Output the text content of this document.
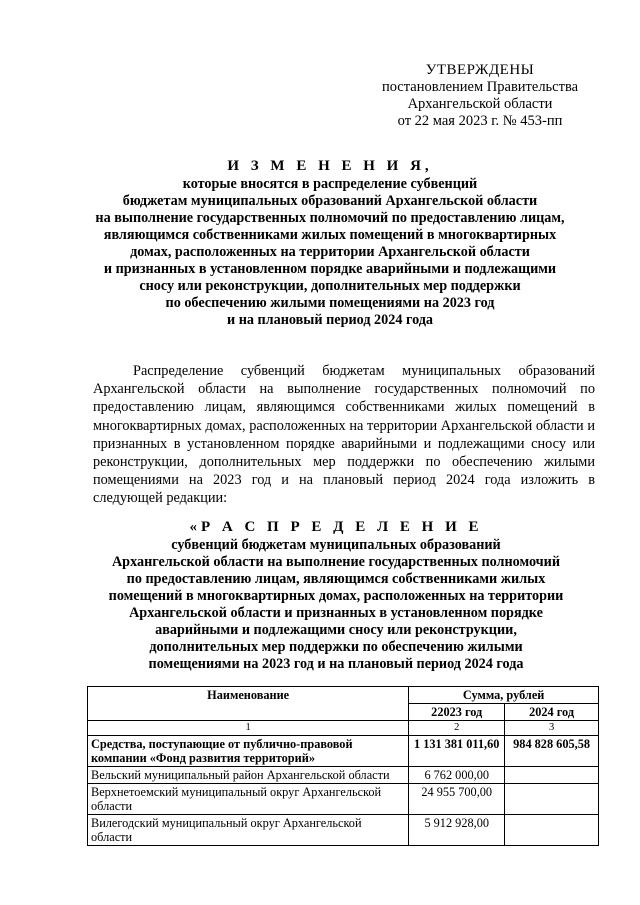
УТВЕРЖДЕНЫ
постановлением Правительства
Архангельской области
от 22 мая 2023 г. № 453-пп
И З М Е Н Е Н И Я,
которые вносятся в распределение субвенций
бюджетам муниципальных образований Архангельской области
на выполнение государственных полномочий по предоставлению лицам,
являющимся собственниками жилых помещений в многоквартирных
домах, расположенных на территории Архангельской области
и признанных в установленном порядке аварийными и подлежащими
сносу или реконструкции, дополнительных мер поддержки
по обеспечению жилыми помещениями на 2023 год
и на плановый период 2024 года

Распределение субвенций бюджетам муниципальных образований Архангельской области на выполнение государственных полномочий по предоставлению лицам, являющимся собственниками жилых помещений в многоквартирных домах, расположенных на территории Архангельской области и признанных в установленном порядке аварийными и подлежащими сносу или реконструкции, дополнительных мер поддержки по обеспечению жилыми помещениями на 2023 год и на плановый период 2024 года изложить в следующей редакции:

«Р А С П Р Е Д Е Л Е Н И Е
субвенций бюджетам муниципальных образований
Архангельской области на выполнение государственных полномочий
по предоставлению лицам, являющимся собственниками жилых
помещений в многоквартирных домах, расположенных на территории
Архангельской области и признанных в установленном порядке
аварийными и подлежащими сносу или реконструкции,
дополнительных мер поддержки по обеспечению жилыми
помещениями на 2023 год и на плановый период 2024 года
Наименование	Сумма, рублей	
	22023 год	2024 год
1	2	3
Средства, поступающие от публично-правовой компании «Фонд развития территорий»	1 131 381 011,60	984 828 605,58
Вельский муниципальный район Архангельской области	6 762 000,00	
Верхнетоемский муниципальный округ Архангельской области	24 955 700,00	
Вилегодский муниципальный округ Архангельской области	5 912 928,00	
